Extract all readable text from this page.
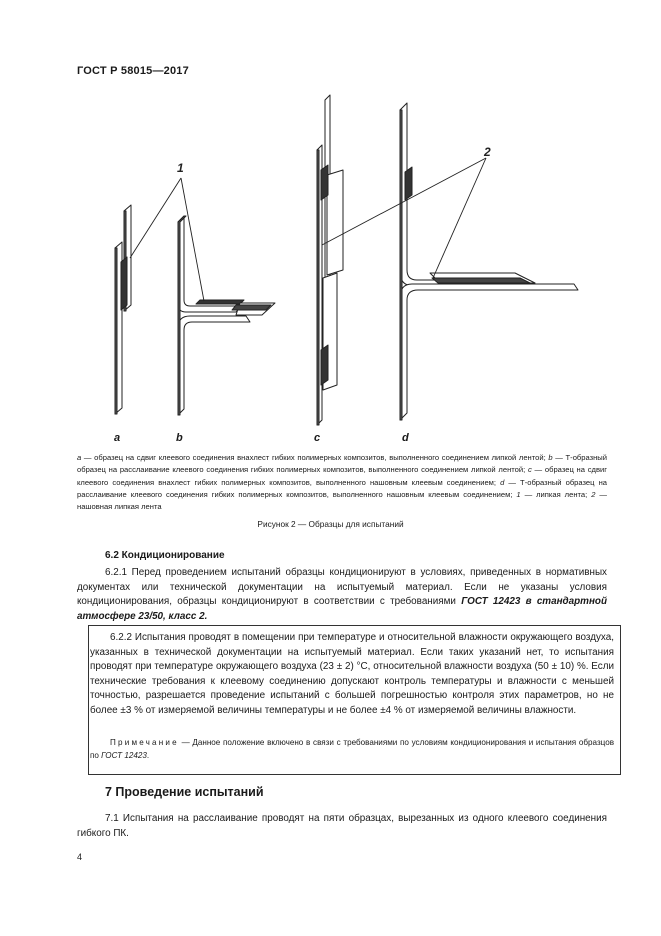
ГОСТ Р 58015—2017
1
2
a	b	c	d
a — образец на сдвиг клеевого соединения внахлест гибких полимерных композитов, выполненного соединением липкой лентой; b — Т-образный образец на расслаивание клеевого соединения гибких полимерных композитов, выполненного соединением липкой лентой; c — образец на сдвиг клеевого соединения внахлест гибких полимерных композитов, выполненного нашовным клеевым соединением; d — Т-образный образец на расслаивание клеевого соединения гибких полимерных композитов, выполненного нашовным клеевым соединением; 1 — липкая лента; 2 — нашовная липкая лента
Рисунок 2 — Образцы для испытаний
6.2 Кондиционирование
6.2.1 Перед проведением испытаний образцы кондиционируют в условиях, приведенных в нормативных документах или технической документации на испытуемый материал. Если не указаны условия кондиционирования, образцы кондиционируют в соответствии с требованиями ГОСТ 12423 в стандартной атмосфере 23/50, класс 2.
6.2.2 Испытания проводят в помещении при температуре и относительной влажности окружающего воздуха, указанных в технической документации на испытуемый материал. Если таких указаний нет, то испытания проводят при температуре окружающего воздуха (23 ± 2) °С, относительной влажности воздуха (50 ± 10) %. Если технические требования к клеевому соединению допускают контроль температуры и влажности с меньшей точностью, разрешается проведение испытаний с большей погрешностью контроля этих параметров, но не более ±3 % от измеряемой величины температуры и не более ±4 % от измеряемой величины влажности.
Примечание — Данное положение включено в связи с требованиями по условиям кондиционирования и испытания образцов по ГОСТ 12423.
7 Проведение испытаний
7.1 Испытания на расслаивание проводят на пяти образцах, вырезанных из одного клеевого соединения гибкого ПК.
4
